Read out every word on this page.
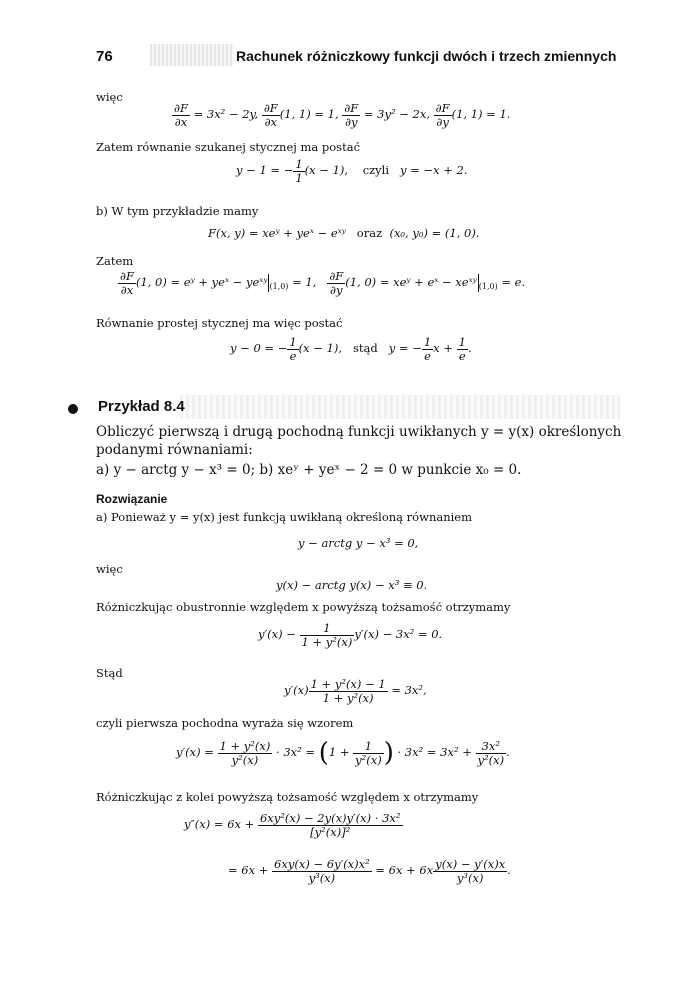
76	Rachunek różniczkowy funkcji dwóch i trzech zmiennych
więc
$\frac{\partial F}{\partial x} = 3x^2 - 2y$, $\frac{\partial F}{\partial x} (1$, 1) = 1, $\frac{\partial F}{\partial y} = 3y^2 - 2x$, $\frac{\partial F}{\partial y} (1$, 1) = 1.
Zatem równanie szukanej stycznej ma postać
y − 1 = − $\frac{1}{1} (x - 1)$, czyli y = −x + 2.
b) W tym przykładzie mamy
F(x, y) = xeʸ + yeˣ − eˣʸ oraz (x₀, y₀) = (1, 0).
Zatem
$\frac{\partial F}{\partial x} (1$, 0) = eʸ + yeˣ − yeˣʸ $_{(1,0)}$ = 1, $\frac{\partial F}{\partial y} (1$, 0) = xeʸ + eˣ − xeˣʸ $_{(1,0)}$ = e.
Równanie prostej stycznej ma więc postać
y − 0 = − $\frac{1}{e} (x - 1)$, stąd y = − $\frac{1}{e}$ $x + \frac{1}{e}$ .
Przykład 8.4
Obliczyć pierwszą i drugą pochodną funkcji uwikłanych y = y(x) określonych
podanymi równaniami:
a) y − arctg y − x³ = 0; b) xeʸ + yeˣ − 2 = 0 w punkcie x₀ = 0.
Rozwiązanie
a) Ponieważ y = y(x) jest funkcją uwikłaną określoną równaniem
y − arctg y − x³ = 0,
więc
y(x) − arctg y(x) − x³ ≡ 0.
Różniczkując obustronnie względem x powyższą tożsamość otrzymamy
$y'(x) - \frac{1}{\text{1 + y²(x)}} y'(x) - 3x^2 = 0$.
Stąd
$y'(x) \frac{\text{1 + y²(x) − 1}}{\text{1 + y²(x)}} = 3x^2$,
czyli pierwsza pochodna wyraża się wzorem
$y'(x) = \frac{\text{1 + y²(x)}}{\text{y²(x)}} \cdot 3x^2 = (1 + \frac{1}{\text{y²(x)}}$ ) · $3x^2 = 3x^2 + \frac{\text{3x²}}{\text{y²(x)}}$ .
Różniczkując z kolei powyższą tożsamość względem x otrzymamy
$y''(x) = 6x + \frac{\text{6xy²(x) − 2y(x)y′(x) · 3x²}}{\text{[y²(x)]²}}$
= $6x + \frac{\text{6xy(x) − 6y′(x)x²}}{\text{y³(x)}} = 6x + 6x \frac{y(x) - y'(x)x}{\text{y³(x)}}$ .
